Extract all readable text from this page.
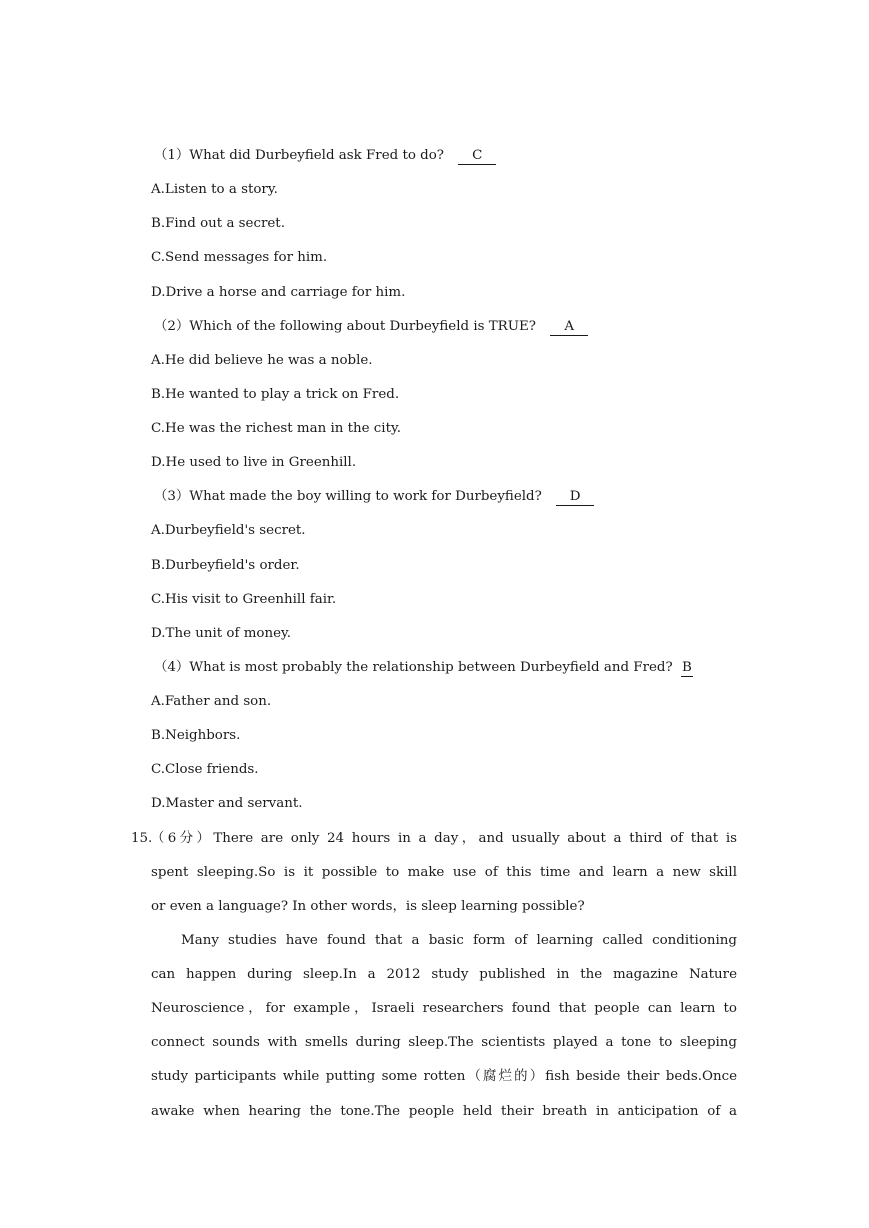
（1）What did Durbeyfield ask Fred to do? C
A.Listen to a story.
B.Find out a secret.
C.Send messages for him.
D.Drive a horse and carriage for him.
（2）Which of the following about Durbeyfield is TRUE? A
A.He did believe he was a noble.
B.He wanted to play a trick on Fred.
C.He was the richest man in the city.
D.He used to live in Greenhill.
（3）What made the boy willing to work for Durbeyfield? D
A.Durbeyfield's secret.
B.Durbeyfield's order.
C.His visit to Greenhill fair.
D.The unit of money.
（4）What is most probably the relationship between Durbeyfield and Fred? B
A.Father and son.
B.Neighbors.
C.Close friends.
D.Master and servant.
15.
（6分）There are only 24 hours in a day，and usually about a third of that is
spent sleeping.So is it possible to make use of this time and learn a new skill
or even a language? In other words，is sleep learning possible?
Many studies have found that a basic form of learning called conditioning
can happen during sleep.In a 2012 study published in the magazine Nature
Neuroscience，for example，Israeli researchers found that people can learn to
connect sounds with smells during sleep.The scientists played a tone to sleeping
study participants while putting some rotten（腐烂的）fish beside their beds.Once
awake when hearing the tone.The people held their breath in anticipation of a
